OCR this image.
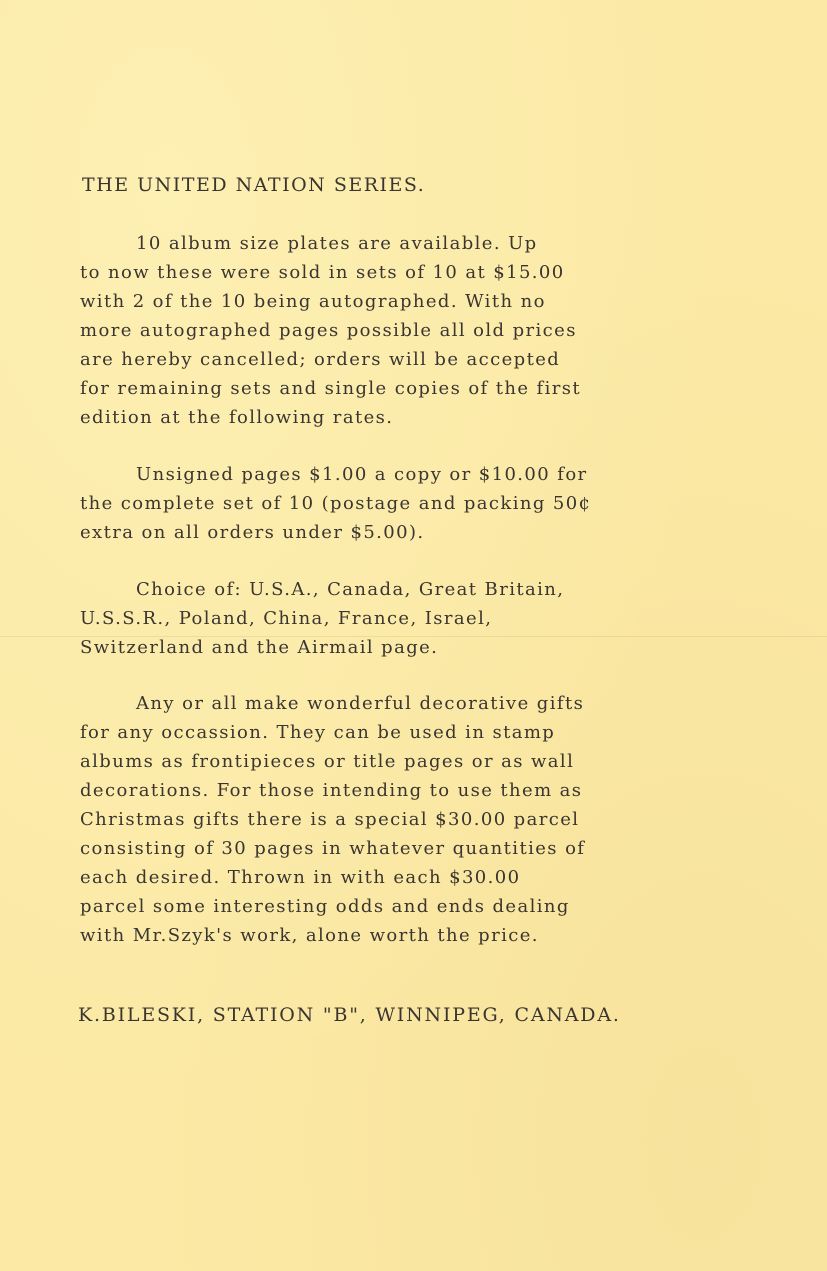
THE UNITED NATION SERIES.

10 album size plates are available. Up
to now these were sold in sets of 10 at $15.00
with 2 of the 10 being autographed. With no
more autographed pages possible all old prices
are hereby cancelled; orders will be accepted
for remaining sets and single copies of the first
edition at the following rates.

Unsigned pages $1.00 a copy or $10.00 for
the complete set of 10 (postage and packing 50¢
extra on all orders under $5.00).

Choice of: U.S.A., Canada, Great Britain,
U.S.S.R., Poland, China, France, Israel,
Switzerland and the Airmail page.

Any or all make wonderful decorative gifts
for any occassion. They can be used in stamp
albums as frontipieces or title pages or as wall
decorations. For those intending to use them as
Christmas gifts there is a special $30.00 parcel
consisting of 30 pages in whatever quantities of
each desired. Thrown in with each $30.00
parcel some interesting odds and ends dealing
with Mr.Szyk's work, alone worth the price.

K.BILESKI, STATION "B", WINNIPEG, CANADA.
